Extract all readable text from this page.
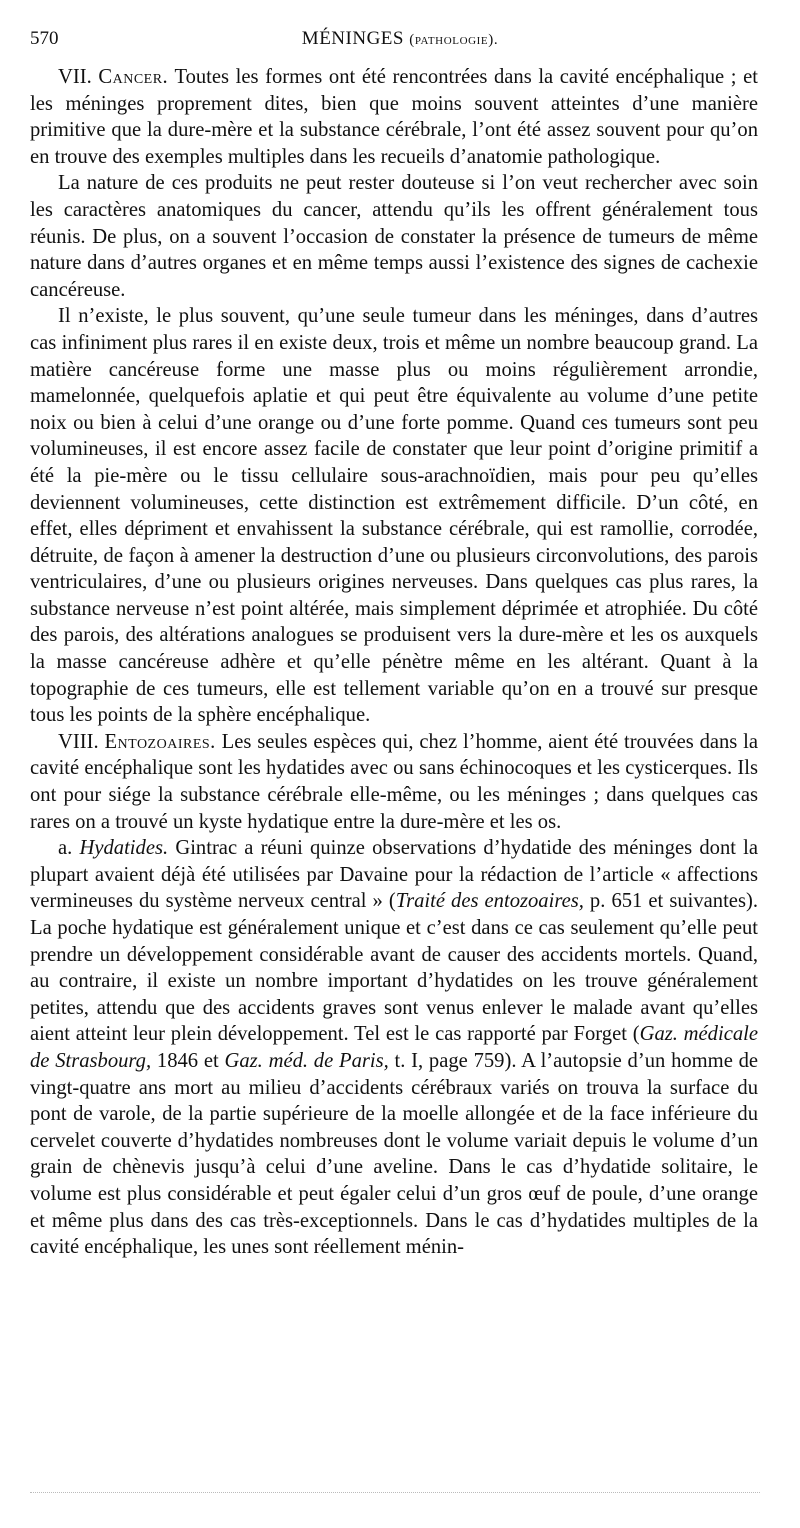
570	MÉNINGES (pathologie).

VII. Cancer. Toutes les formes ont été rencontrées dans la cavité encéphalique ; et les méninges proprement dites, bien que moins souvent atteintes d’une manière primitive que la dure-mère et la substance cérébrale, l’ont été assez souvent pour qu’on en trouve des exemples multiples dans les recueils d’anatomie pathologique.

La nature de ces produits ne peut rester douteuse si l’on veut rechercher avec soin les caractères anatomiques du cancer, attendu qu’ils les offrent généralement tous réunis. De plus, on a souvent l’occasion de constater la présence de tumeurs de même nature dans d’autres organes et en même temps aussi l’existence des signes de cachexie cancéreuse.

Il n’existe, le plus souvent, qu’une seule tumeur dans les méninges, dans d’autres cas infiniment plus rares il en existe deux, trois et même un nombre beaucoup grand. La matière cancéreuse forme une masse plus ou moins régulièrement arrondie, mamelonnée, quelquefois aplatie et qui peut être équivalente au volume d’une petite noix ou bien à celui d’une orange ou d’une forte pomme. Quand ces tumeurs sont peu volumineuses, il est encore assez facile de constater que leur point d’origine primitif a été la pie-mère ou le tissu cellulaire sous-arachnoïdien, mais pour peu qu’elles deviennent volumineuses, cette distinction est extrêmement difficile. D’un côté, en effet, elles dépriment et envahissent la substance cérébrale, qui est ramollie, corrodée, détruite, de façon à amener la destruction d’une ou plusieurs circonvolutions, des parois ventriculaires, d’une ou plusieurs origines nerveuses. Dans quelques cas plus rares, la substance nerveuse n’est point altérée, mais simplement déprimée et atrophiée. Du côté des parois, des altérations analogues se produisent vers la dure-mère et les os auxquels la masse cancéreuse adhère et qu’elle pénètre même en les altérant. Quant à la topographie de ces tumeurs, elle est tellement variable qu’on en a trouvé sur presque tous les points de la sphère encéphalique.

VIII. Entozoaires. Les seules espèces qui, chez l’homme, aient été trouvées dans la cavité encéphalique sont les hydatides avec ou sans échinocoques et les cysticerques. Ils ont pour siége la substance cérébrale elle-même, ou les méninges ; dans quelques cas rares on a trouvé un kyste hydatique entre la dure-mère et les os.

a. Hydatides. Gintrac a réuni quinze observations d’hydatide des méninges dont la plupart avaient déjà été utilisées par Davaine pour la rédaction de l’article « affections vermineuses du système nerveux central » (Traité des entozoaires, p. 651 et suivantes). La poche hydatique est généralement unique et c’est dans ce cas seulement qu’elle peut prendre un développement considérable avant de causer des accidents mortels. Quand, au contraire, il existe un nombre important d’hydatides on les trouve généralement petites, attendu que des accidents graves sont venus enlever le malade avant qu’elles aient atteint leur plein développement. Tel est le cas rapporté par Forget (Gaz. médicale de Strasbourg, 1846 et Gaz. méd. de Paris, t. I, page 759). A l’autopsie d’un homme de vingt-quatre ans mort au milieu d’accidents cérébraux variés on trouva la surface du pont de varole, de la partie supérieure de la moelle allongée et de la face inférieure du cervelet couverte d’hydatides nombreuses dont le volume variait depuis le volume d’un grain de chènevis jusqu’à celui d’une aveline. Dans le cas d’hydatide solitaire, le volume est plus considérable et peut égaler celui d’un gros œuf de poule, d’une orange et même plus dans des cas très-exceptionnels. Dans le cas d’hydatides multiples de la cavité encéphalique, les unes sont réellement ménin-
